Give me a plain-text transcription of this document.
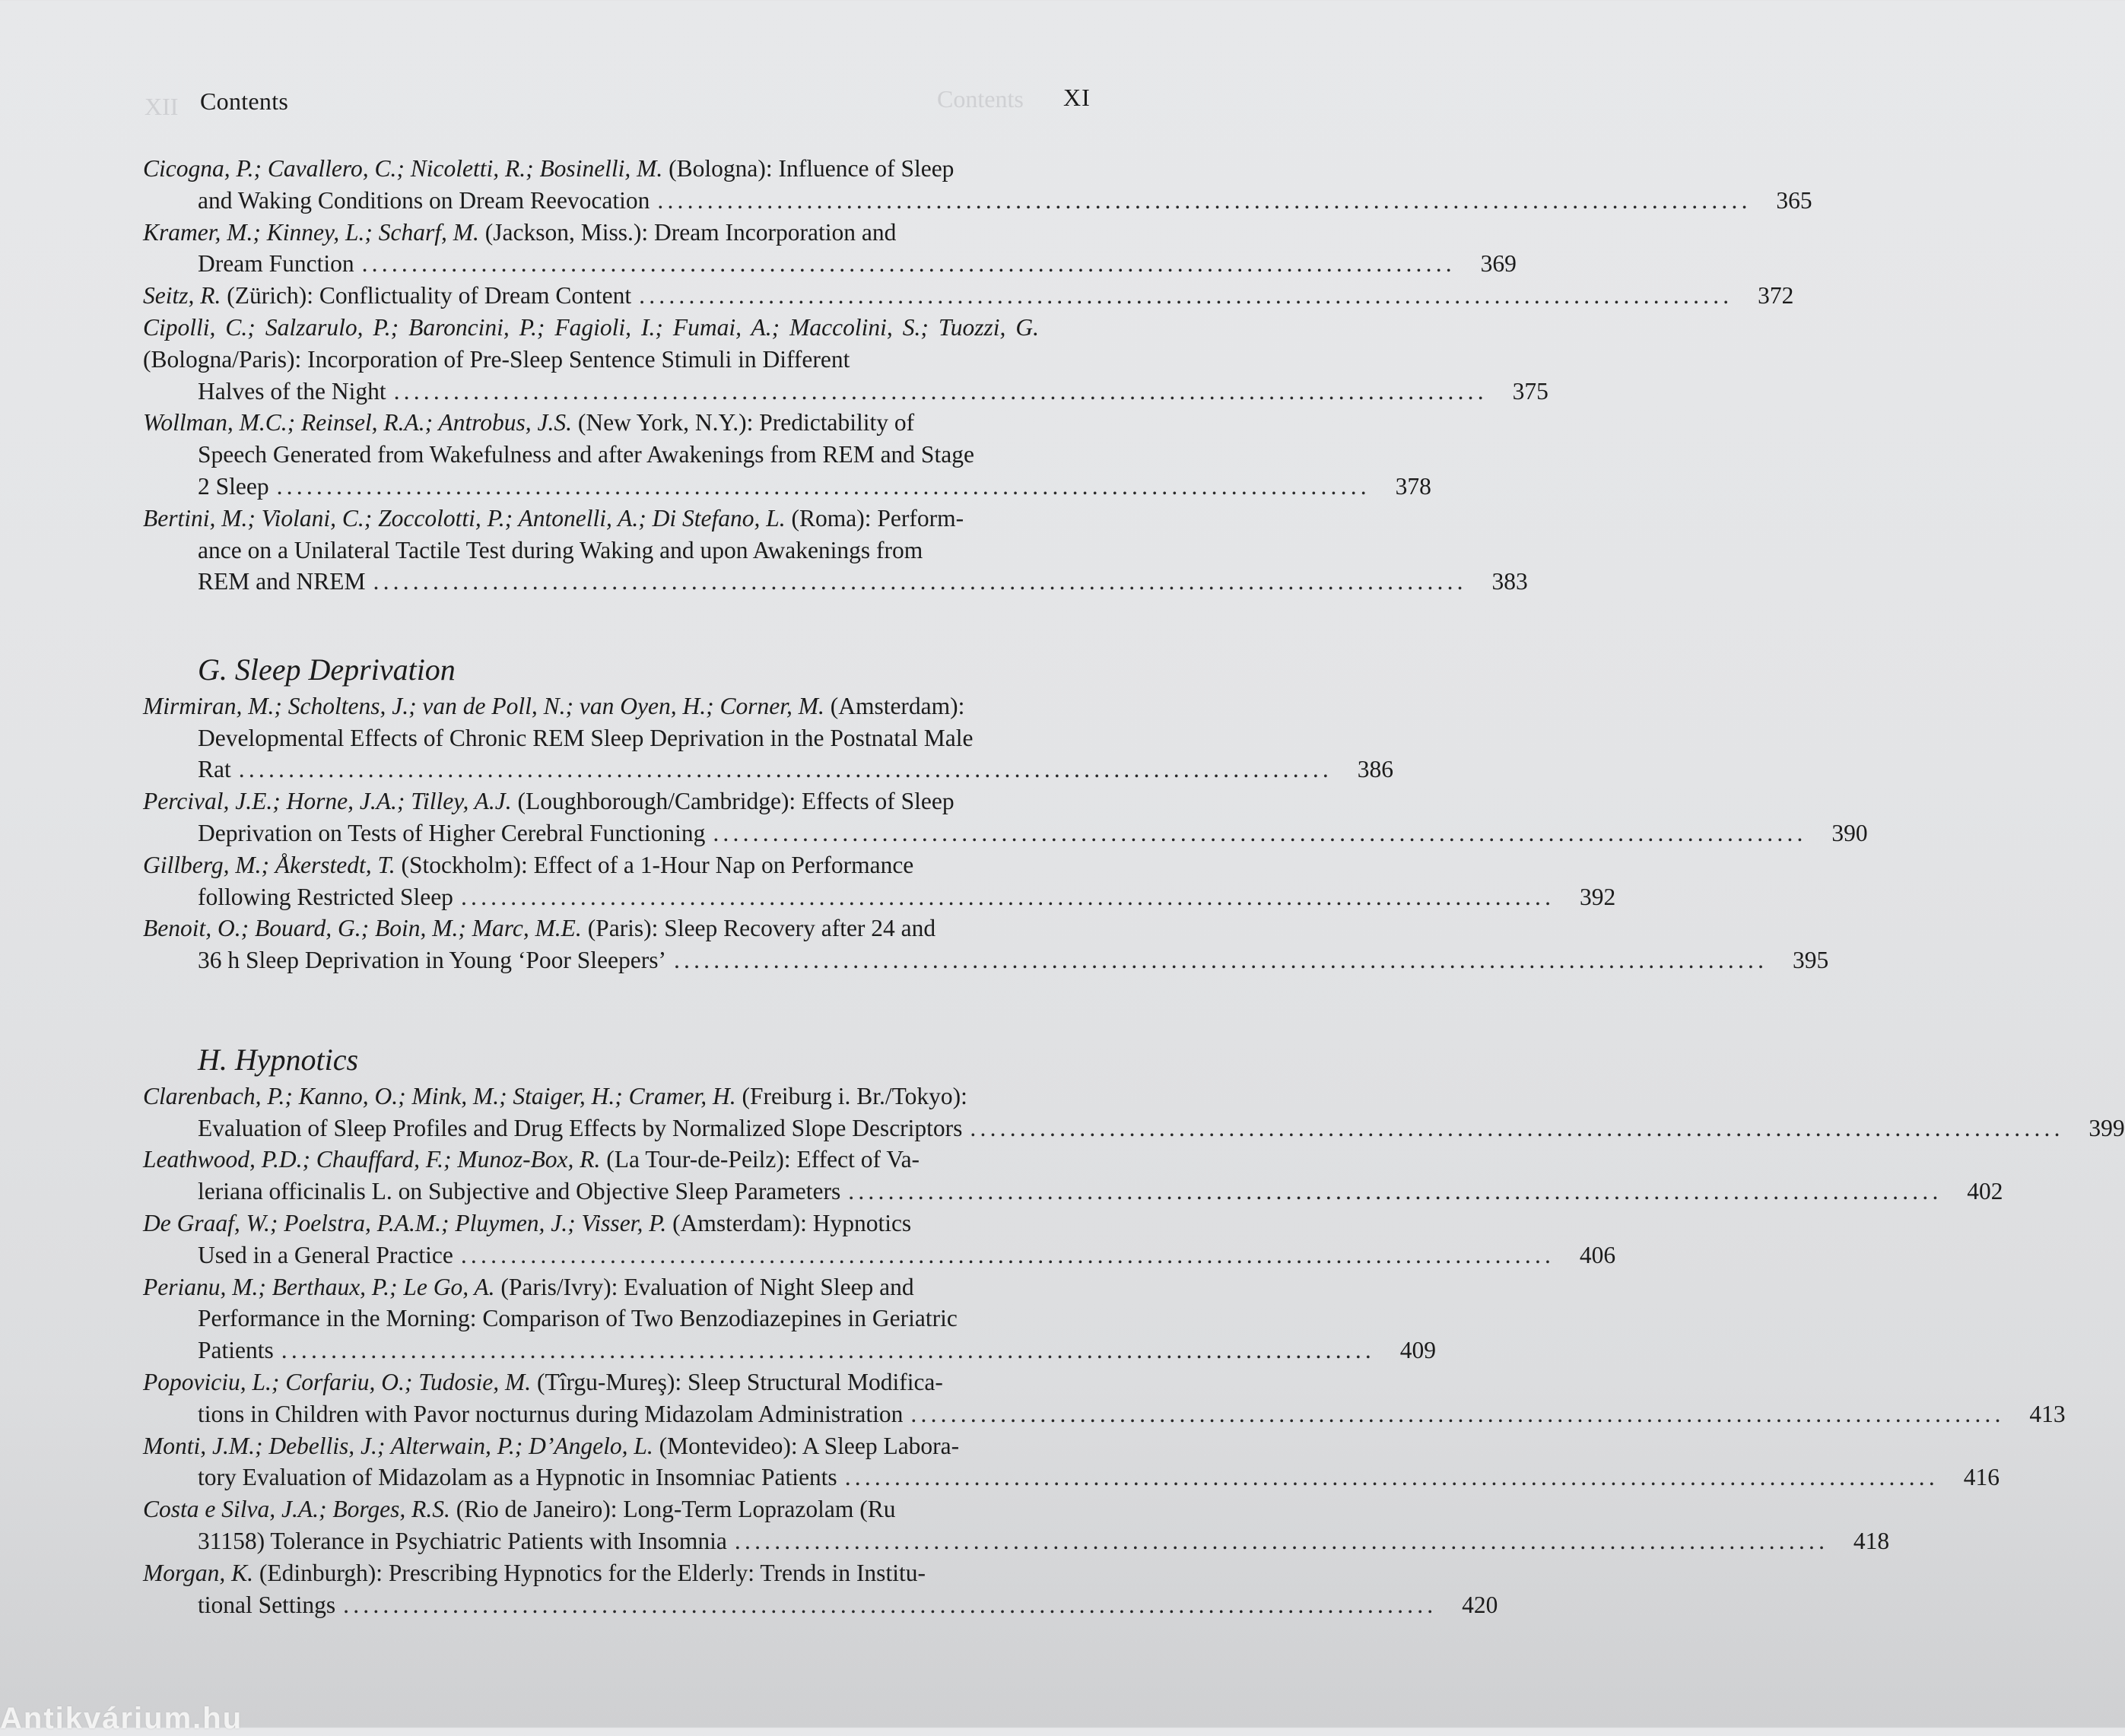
Contents
XII Contents	XI
Cicogna, P.; Cavallero, C.; Nicoletti, R.; Bosinelli, M. (Bologna): Influence of Sleep
and Waking Conditions on Dream Reevocation ..............................................................................................................	365
Kramer, M.; Kinney, L.; Scharf, M. (Jackson, Miss.): Dream Incorporation and
Dream Function ..............................................................................................................	369
Seitz, R. (Zürich): Conflictuality of Dream Content ..............................................................................................................	372
Cipolli, C.; Salzarulo, P.; Baroncini, P.; Fagioli, I.; Fumai, A.; Maccolini, S.; Tuozzi, G. (Bologna/Paris): Incorporation of Pre-Sleep Sentence Stimuli in Different
Halves of the Night ..............................................................................................................	375
Wollman, M.C.; Reinsel, R.A.; Antrobus, J.S. (New York, N.Y.): Predictability of
Speech Generated from Wakefulness and after Awakenings from REM and Stage
2 Sleep ..............................................................................................................	378
Bertini, M.; Violani, C.; Zoccolotti, P.; Antonelli, A.; Di Stefano, L. (Roma): Perform-
ance on a Unilateral Tactile Test during Waking and upon Awakenings from
REM and NREM ..............................................................................................................	383
G. Sleep Deprivation
Mirmiran, M.; Scholtens, J.; van de Poll, N.; van Oyen, H.; Corner, M. (Amsterdam):
Developmental Effects of Chronic REM Sleep Deprivation in the Postnatal Male
Rat ..............................................................................................................	386
Percival, J.E.; Horne, J.A.; Tilley, A.J. (Loughborough/Cambridge): Effects of Sleep
Deprivation on Tests of Higher Cerebral Functioning ..............................................................................................................	390
Gillberg, M.; Åkerstedt, T. (Stockholm): Effect of a 1-Hour Nap on Performance
following Restricted Sleep ..............................................................................................................	392
Benoit, O.; Bouard, G.; Boin, M.; Marc, M.E. (Paris): Sleep Recovery after 24 and
36 h Sleep Deprivation in Young ‘Poor Sleepers’ ..............................................................................................................	395
H. Hypnotics
Clarenbach, P.; Kanno, O.; Mink, M.; Staiger, H.; Cramer, H. (Freiburg i. Br./Tokyo):
Evaluation of Sleep Profiles and Drug Effects by Normalized Slope Descriptors ..............................................................................................................	399
Leathwood, P.D.; Chauffard, F.; Munoz-Box, R. (La Tour-de-Peilz): Effect of Va-
leriana officinalis L. on Subjective and Objective Sleep Parameters ..............................................................................................................	402
De Graaf, W.; Poelstra, P.A.M.; Pluymen, J.; Visser, P. (Amsterdam): Hypnotics
Used in a General Practice ..............................................................................................................	406
Perianu, M.; Berthaux, P.; Le Go, A. (Paris/Ivry): Evaluation of Night Sleep and
Performance in the Morning: Comparison of Two Benzodiazepines in Geriatric
Patients ..............................................................................................................	409
Popoviciu, L.; Corfariu, O.; Tudosie, M. (Tîrgu-Mureş): Sleep Structural Modifica-
tions in Children with Pavor nocturnus during Midazolam Administration ..............................................................................................................	413
Monti, J.M.; Debellis, J.; Alterwain, P.; D’Angelo, L. (Montevideo): A Sleep Labora-
tory Evaluation of Midazolam as a Hypnotic in Insomniac Patients ..............................................................................................................	416
Costa e Silva, J.A.; Borges, R.S. (Rio de Janeiro): Long-Term Loprazolam (Ru
31158) Tolerance in Psychiatric Patients with Insomnia ..............................................................................................................	418
Morgan, K. (Edinburgh): Prescribing Hypnotics for the Elderly: Trends in Institu-
tional Settings ..............................................................................................................	420
Antikvárium.hu
